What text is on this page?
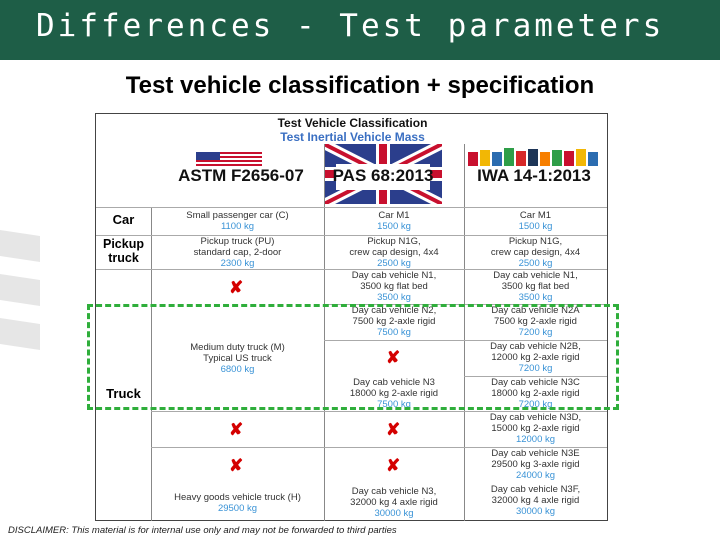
Differences - Test parameters
Test vehicle classification + specification
Test Vehicle Classification
Test Inertial Vehicle Mass
ASTM F2656-07	PAS 68:2013	IWA 14-1:2013
Car
Pickup truck
Truck
Small passenger car (C)
1100 kg
Car M1
1500 kg
Car M1
1500 kg
Pickup truck (PU)
standard cap, 2-door
2300 kg
Pickup N1G,
crew cap design, 4x4
2500 kg
Pickup N1G,
crew cap design, 4x4
2500 kg
✘
Medium duty truck (M)
Typical US truck
6800 kg
✘
✘
Heavy goods vehicle truck (H)
29500 kg
Day cab vehicle N1,
3500 kg flat bed
3500 kg
Day cab vehicle N2,
7500 kg 2-axle rigid
7500 kg
✘
Day cab vehicle N3
18000 kg 2-axle rigid
7500 kg
✘
✘
Day cab vehicle N3,
32000 kg 4 axle rigid
30000 kg
Day cab vehicle N1,
3500 kg flat bed
3500 kg
Day cab vehicle N2A
7500 kg 2-axle rigid
7200 kg
Day cab vehicle N2B,
12000 kg 2-axle rigid
7200 kg
Day cab vehicle N3C
18000 kg 2-axle rigid
7200 kg
Day cab vehicle N3D,
15000 kg 2-axle rigid
12000 kg
Day cab vehicle N3E
29500 kg 3-axle rigid
24000 kg
Day cab vehicle N3F,
32000 kg 4 axle rigid
30000 kg
DISCLAIMER: This material is for internal use only and may not be forwarded to third parties
